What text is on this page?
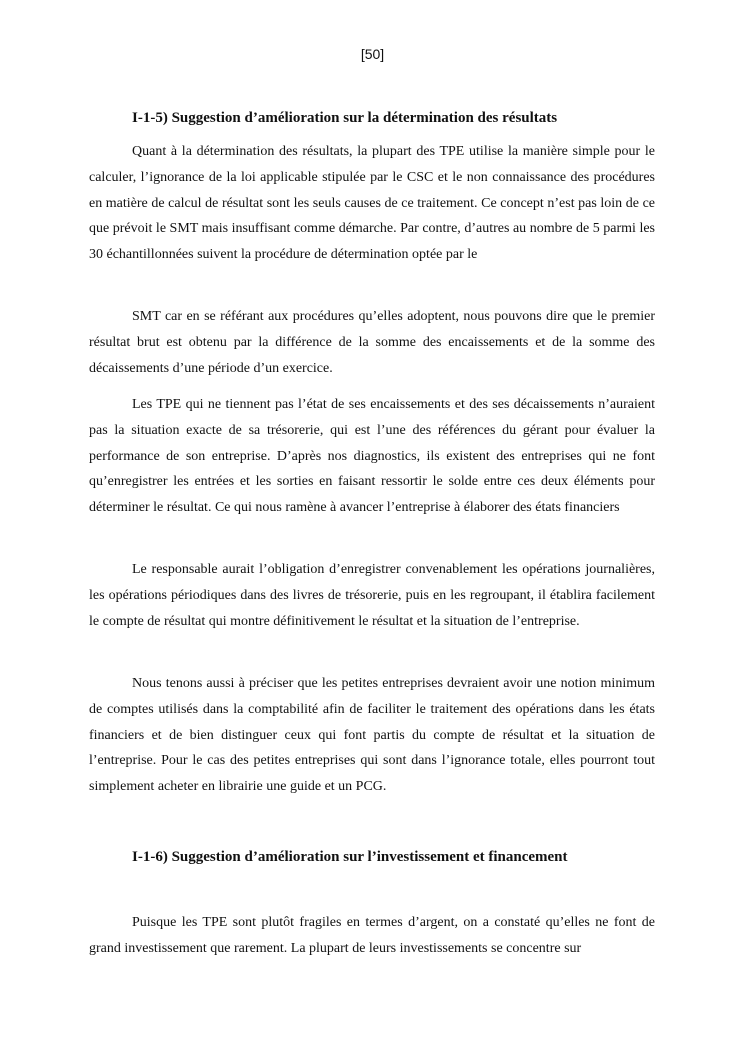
[50]
I-1-5) Suggestion d’amélioration sur la détermination des résultats

Quant à la détermination des résultats, la plupart des TPE utilise la manière simple pour le calculer, l’ignorance de la loi applicable stipulée par le CSC et le non connaissance des procédures en matière de calcul de résultat sont les seuls causes de ce traitement. Ce concept n’est pas loin de ce que prévoit le SMT mais insuffisant comme démarche. Par contre, d’autres au nombre de 5 parmi les 30 échantillonnées suivent la procédure de détermination optée par le

SMT car en se référant aux procédures qu’elles adoptent, nous pouvons dire que le premier résultat brut est obtenu par la différence de la somme des encaissements et de la somme des décaissements d’une période d’un exercice.

Les TPE qui ne tiennent pas l’état de ses encaissements et des ses décaissements n’auraient pas la situation exacte de sa trésorerie, qui est l’une des références du gérant pour évaluer la performance de son entreprise. D’après nos diagnostics, ils existent des entreprises qui ne font qu’enregistrer les entrées et les sorties en faisant ressortir le solde entre ces deux éléments pour déterminer le résultat. Ce qui nous ramène à avancer l’entreprise à élaborer des états financiers

Le responsable aurait l’obligation d’enregistrer convenablement les opérations journalières, les opérations périodiques dans des livres de trésorerie, puis en les regroupant, il établira facilement le compte de résultat qui montre définitivement le résultat et la situation de l’entreprise.

Nous tenons aussi à préciser que les petites entreprises devraient avoir une notion minimum de comptes utilisés dans la comptabilité afin de faciliter le traitement des opérations dans les états financiers et de bien distinguer ceux qui font partis du compte de résultat et la situation de l’entreprise. Pour le cas des petites entreprises qui sont dans l’ignorance totale, elles pourront tout simplement acheter en librairie une guide et un PCG.

I-1-6) Suggestion d’amélioration sur l’investissement et financement

Puisque les TPE sont plutôt fragiles en termes d’argent, on a constaté qu’elles ne font de grand investissement que rarement. La plupart de leurs investissements se concentre sur
